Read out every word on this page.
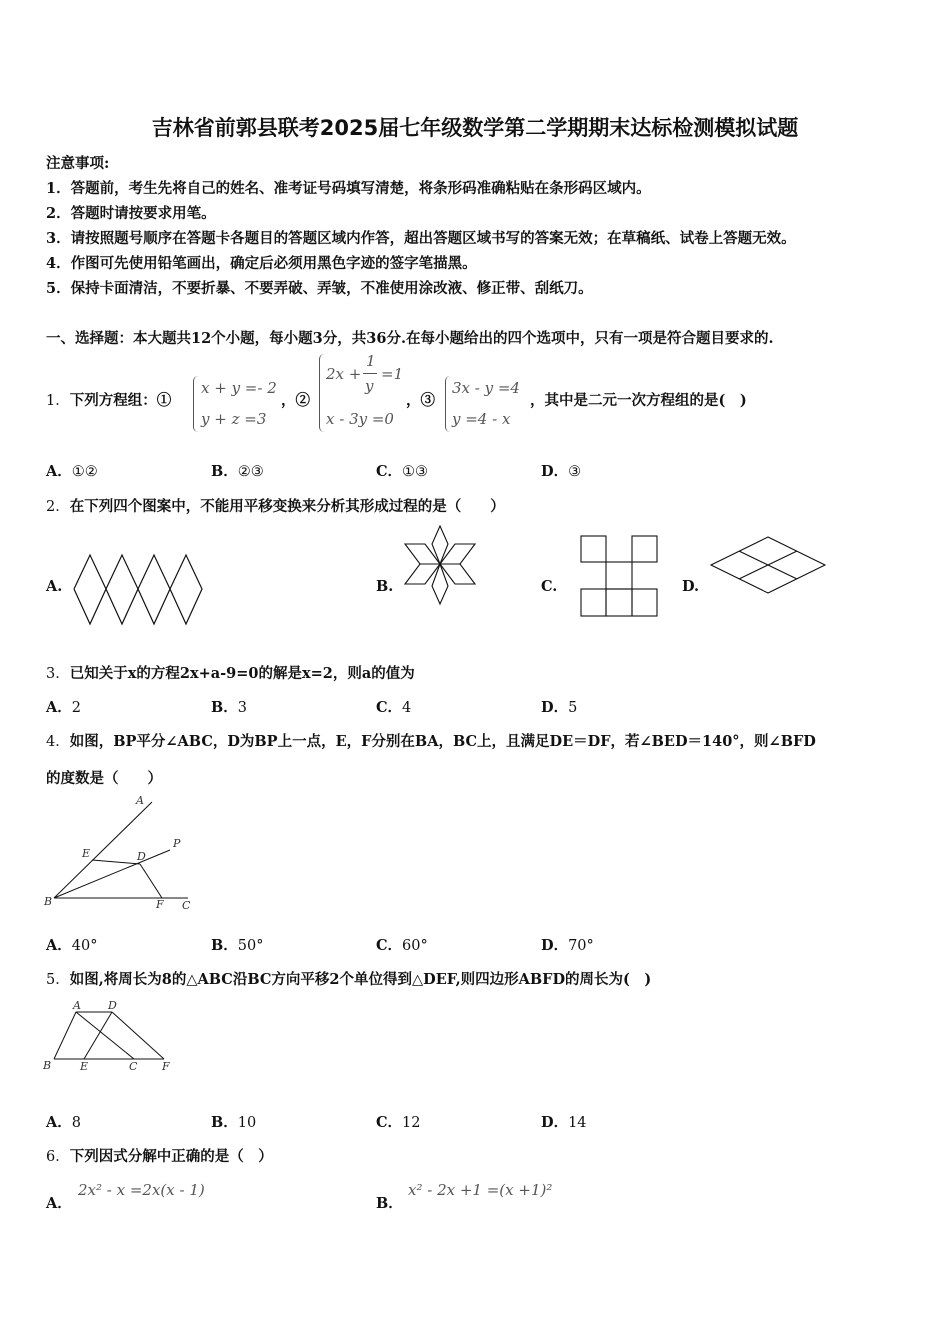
吉林省前郭县联考2025届七年级数学第二学期期末达标检测模拟试题
注意事项:
1．答题前，考生先将自己的姓名、准考证号码填写清楚，将条形码准确粘贴在条形码区域内。
2．答题时请按要求用笔。
3．请按照题号顺序在答题卡各题目的答题区域内作答，超出答题区域书写的答案无效；在草稿纸、试卷上答题无效。
4．作图可先使用铅笔画出，确定后必须用黑色字迹的签字笔描黑。
5．保持卡面清洁，不要折暴、不要弄破、弄皱，不准使用涂改液、修正带、刮纸刀。
一、选择题：本大题共12个小题，每小题3分，共36分.在每小题给出的四个选项中，只有一项是符合题目要求的.
1．下列方程组：①
x + y =- 2
y + z =3
，②
2x +
1
y
=1
x - 3y =0
，③
3x - y =4
y =4 - x
，其中是二元一次方程组的是(　)
A．①②	B．②③	C．①③	D．③
2．在下列四个图案中，不能用平移变换来分析其形成过程的是（　　）
A.	B.	C.	D.
3．已知关于x的方程2x+a-9=0的解是x=2，则a的值为
A．2	B．3	C．4	D．5
4．如图，BP平分∠ABC，D为BP上一点，E，F分别在BA，BC上，且满足DE＝DF，若∠BED＝140°，则∠BFD
的度数是（　　）
A
E	D
P
B	F C
A．40°	B．50°	C．60°	D．70°
5．如图,将周长为8的△ABC沿BC方向平移2个单位得到△DEF,则四边形ABFD的周长为(　)
A D
B	E	C F
A．8	B．10	C．12	D．14
6．下列因式分解中正确的是（　）
A．
2x² - x =2x(x - 1)
B．
x² - 2x +1 =(x +1)²
